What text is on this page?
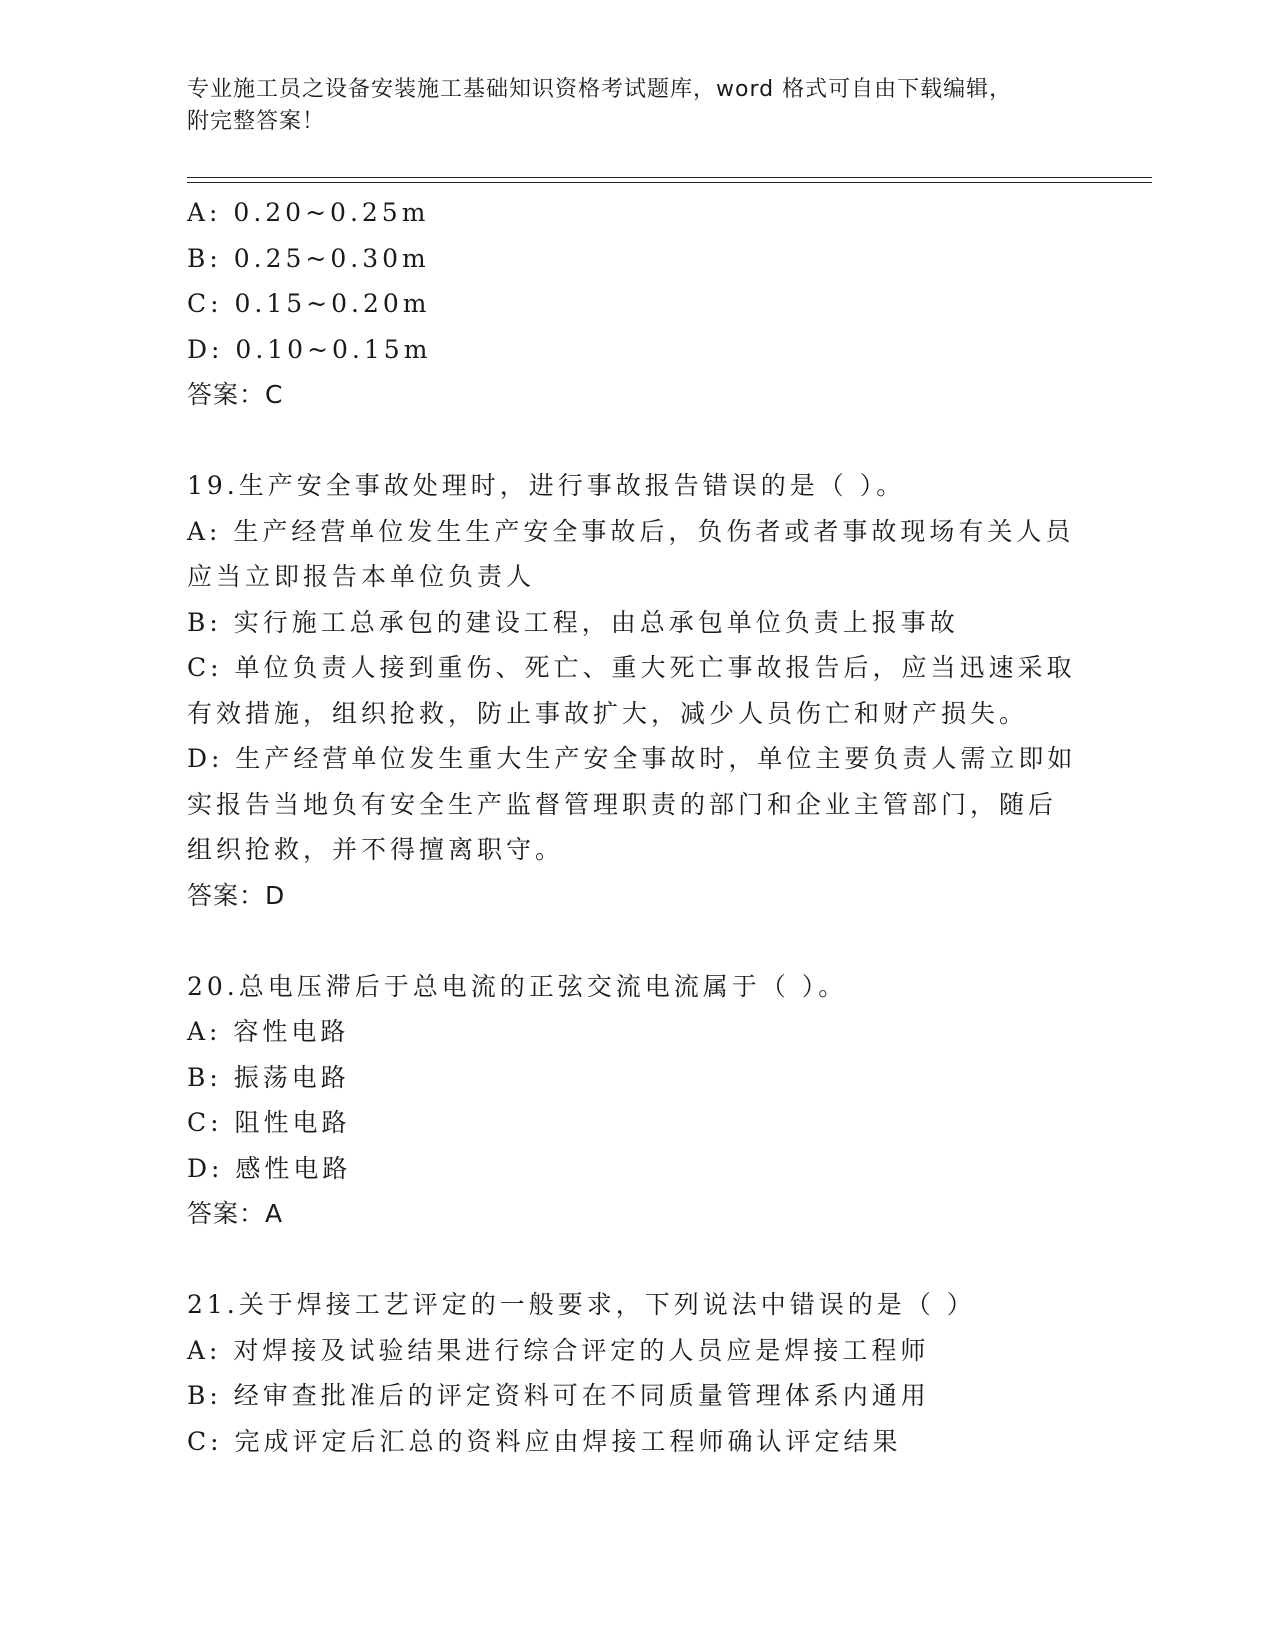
专业施工员之设备安装施工基础知识资格考试题库，word 格式可自由下载编辑，
附完整答案！
A: 0.20~0.25m
B: 0.25~0.30m
C: 0.15~0.20m
D: 0.10~0.15m
答案：C
19.生产安全事故处理时，进行事故报告错误的是（ ）。
A: 生产经营单位发生生产安全事故后，负伤者或者事故现场有关人员
应当立即报告本单位负责人
B: 实行施工总承包的建设工程，由总承包单位负责上报事故
C: 单位负责人接到重伤、死亡、重大死亡事故报告后，应当迅速采取
有效措施，组织抢救，防止事故扩大，减少人员伤亡和财产损失。
D: 生产经营单位发生重大生产安全事故时，单位主要负责人需立即如
实报告当地负有安全生产监督管理职责的部门和企业主管部门，随后
组织抢救，并不得擅离职守。
答案：D
20.总电压滞后于总电流的正弦交流电流属于（ ）。
A: 容性电路
B: 振荡电路
C: 阻性电路
D: 感性电路
答案：A
21.关于焊接工艺评定的一般要求，下列说法中错误的是（ ）
A: 对焊接及试验结果进行综合评定的人员应是焊接工程师
B: 经审查批准后的评定资料可在不同质量管理体系内通用
C: 完成评定后汇总的资料应由焊接工程师确认评定结果
